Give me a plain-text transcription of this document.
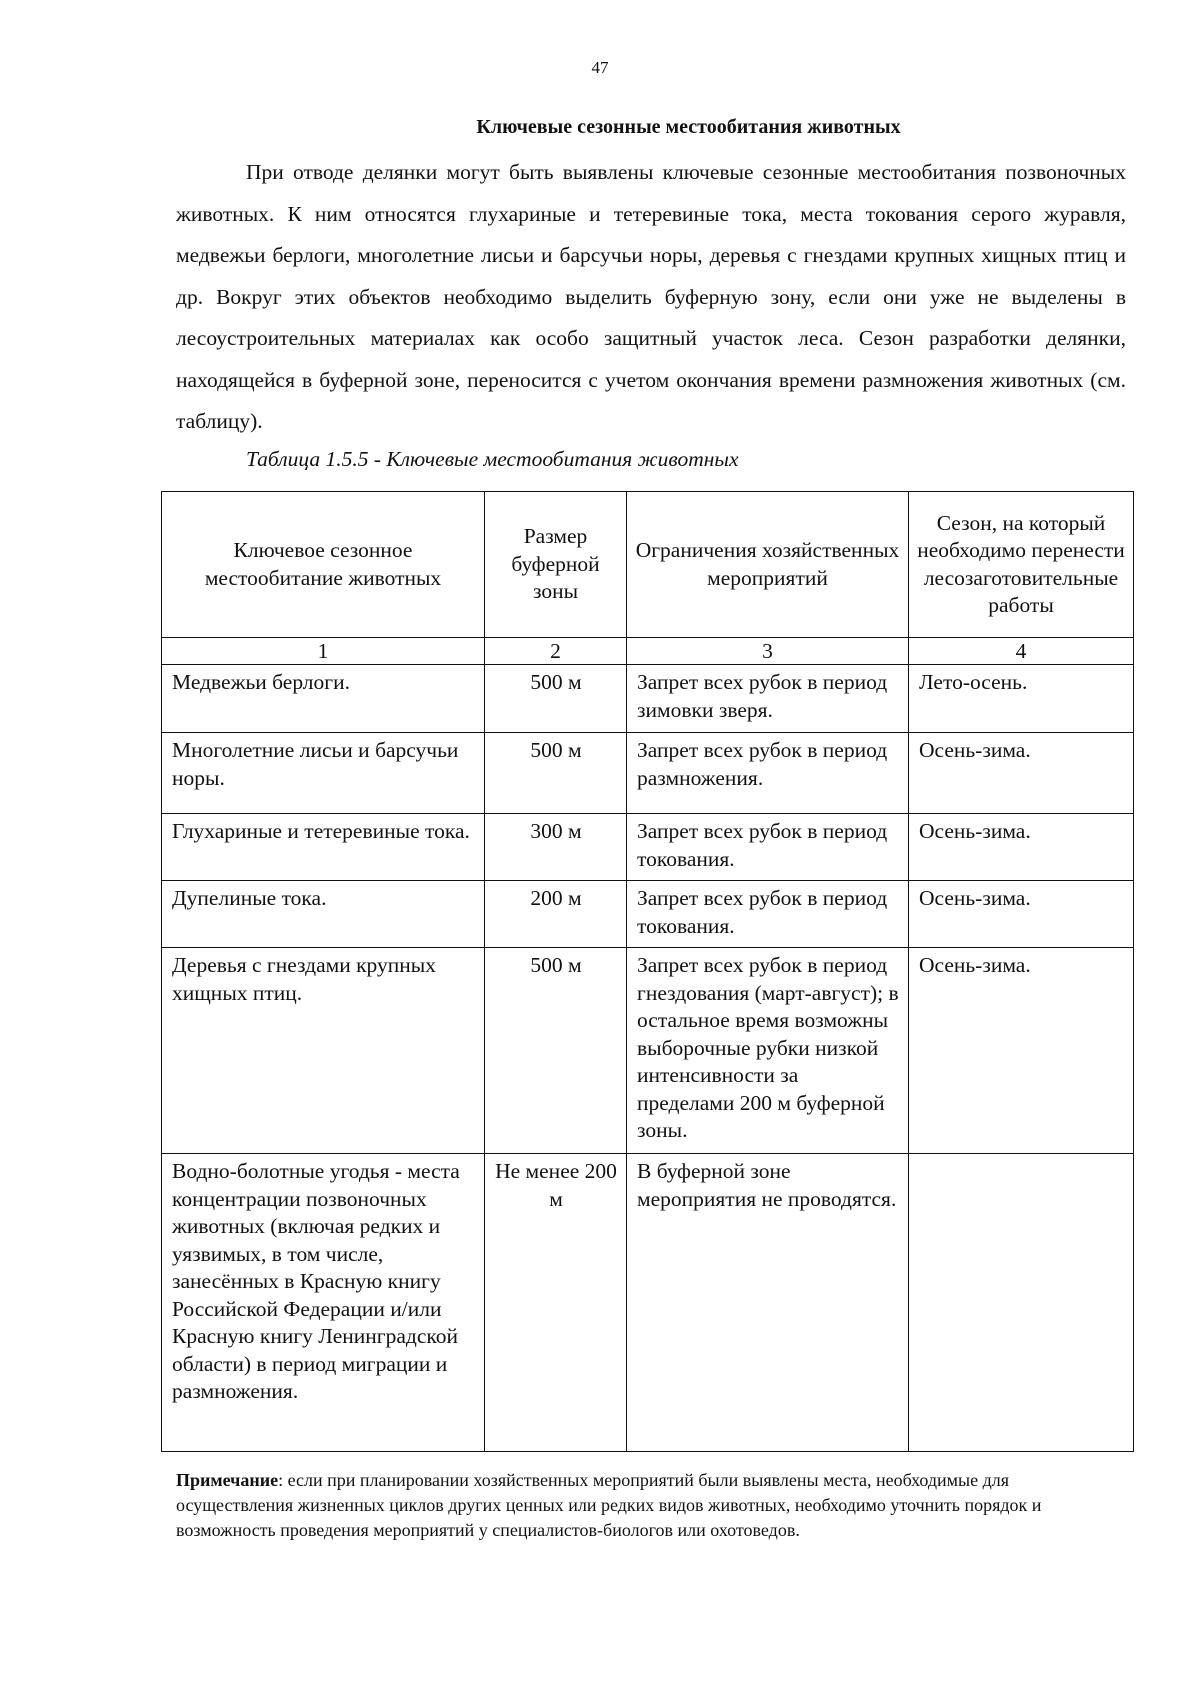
47
Ключевые сезонные местообитания животных

При отводе делянки могут быть выявлены ключевые сезонные местообитания позвоночных животных. К ним относятся глухариные и тетеревиные тока, места токования серого журавля, медвежьи берлоги, многолетние лисьи и барсучьи норы, деревья с гнездами крупных хищных птиц и др. Вокруг этих объектов необходимо выделить буферную зону, если они уже не выделены в лесоустроительных материалах как особо защитный участок леса. Сезон разработки делянки, находящейся в буферной зоне, переносится с учетом окончания времени размножения животных (см. таблицу).

Таблица 1.5.5 - Ключевые местообитания животных
Ключевое сезонное местообитание животных	Размер буферной зоны	Ограничения хозяйственных мероприятий	Сезон, на который необходимо перенести лесозаготовительные работы
1	2	3	4
Медвежьи берлоги.	500 м	Запрет всех рубок в период зимовки зверя.	Лето-осень.
Многолетние лисьи и барсучьи норы.	500 м	Запрет всех рубок в период размножения.	Осень-зима.
Глухариные и тетеревиные тока.	300 м	Запрет всех рубок в период токования.	Осень-зима.
Дупелиные тока.	200 м	Запрет всех рубок в период токования.	Осень-зима.
Деревья с гнездами крупных хищных птиц.	500 м	Запрет всех рубок в период гнездования (март-август); в остальное время возможны выборочные рубки низкой интенсивности за пределами 200 м буферной зоны.	Осень-зима.
Водно-болотные угодья - места концентрации позвоночных животных (включая редких и уязвимых, в том числе, занесённых в Красную книгу Российской Федерации и/или Красную книгу Ленинградской области) в период миграции и размножения.	Не менее 200 м	В буферной зоне мероприятия не проводятся.	

Примечание: если при планировании хозяйственных мероприятий были выявлены места, необходимые для осуществления жизненных циклов других ценных или редких видов животных, необходимо уточнить порядок и возможность проведения мероприятий у специалистов-биологов или охотоведов.
